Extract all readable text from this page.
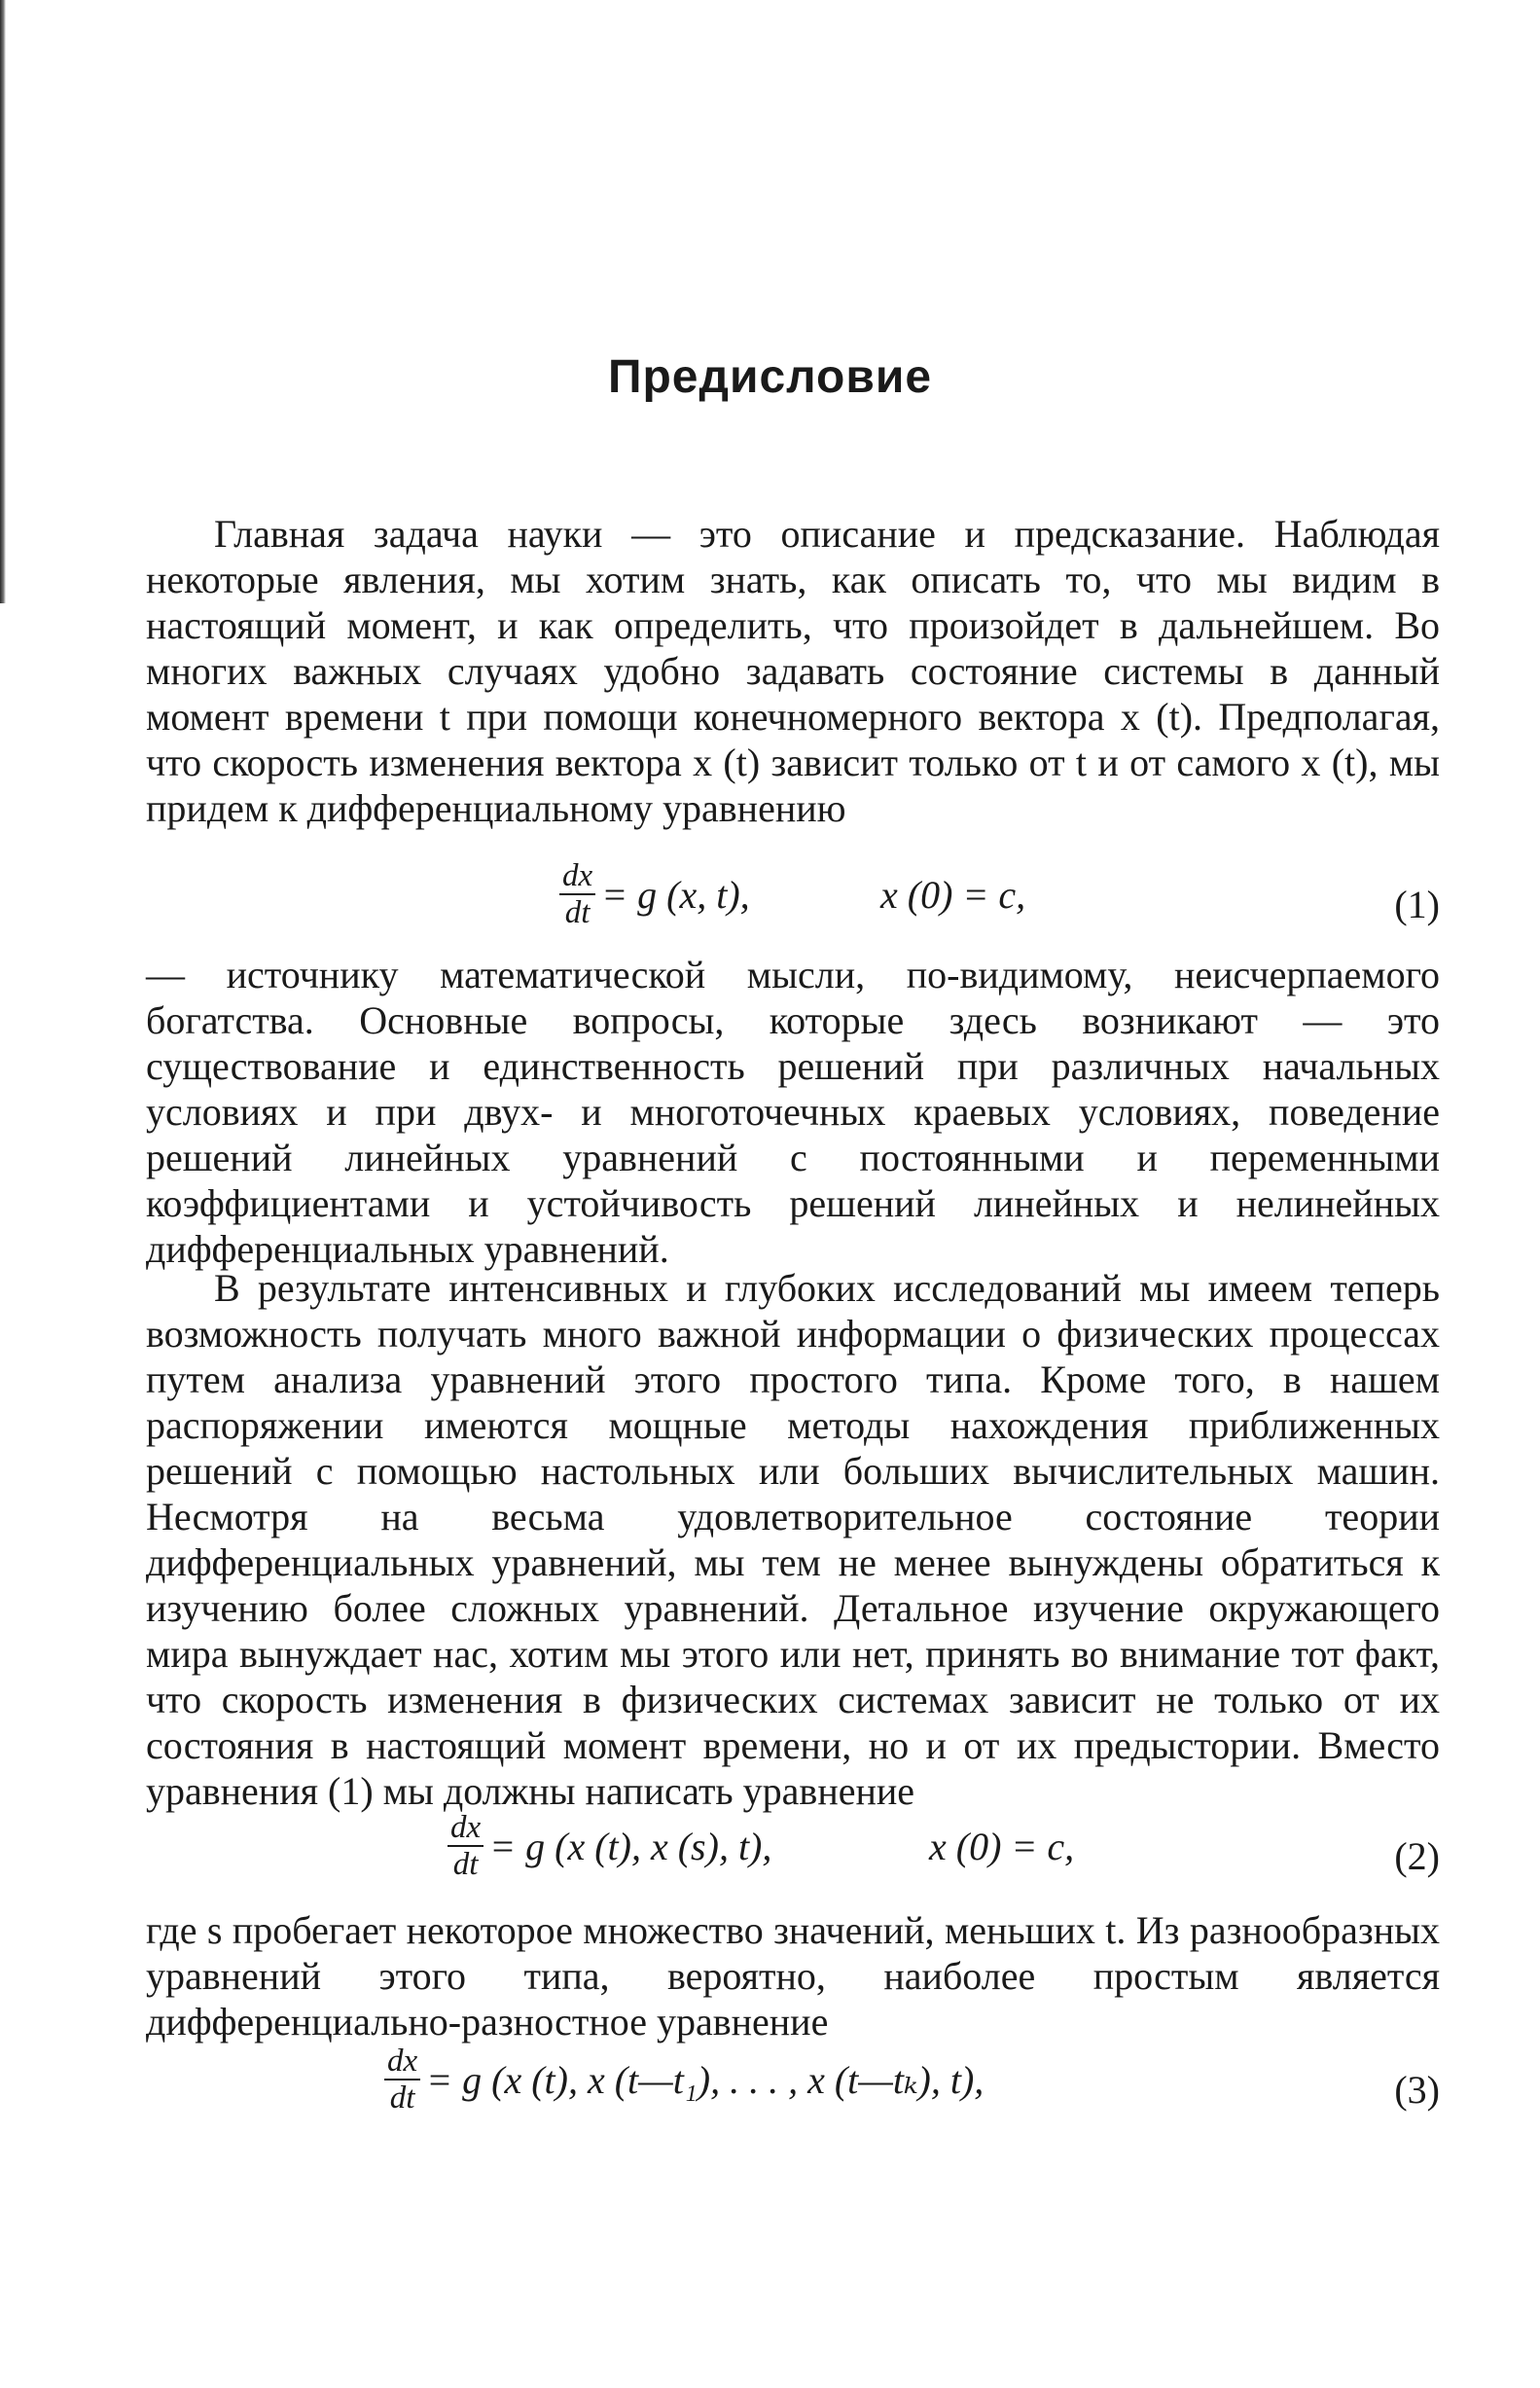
Предисловие

Главная задача науки — это описание и предсказание. Наблюдая некоторые явления, мы хотим знать, как описать то, что мы видим в настоящий момент, и как определить, что произойдет в дальнейшем. Во многих важных случаях удобно задавать состояние системы в данный момент времени t при помощи конечномерного вектора x (t). Предполагая, что скорость изменения вектора x (t) зависит только от t и от самого x (t), мы придем к дифференциальному уравнению

$\frac{dx}{dt} = g$ (x, t),	x (0) = c,	(1)

— источнику математической мысли, по-видимому, неисчерпаемого богатства. Основные вопросы, которые здесь возникают — это существование и единственность решений при различных начальных условиях и при двух- и многоточечных краевых условиях, поведение решений линейных уравнений с постоянными и переменными коэффициентами и устойчивость решений линейных и нелинейных дифференциальных уравнений.

В результате интенсивных и глубоких исследований мы имеем теперь возможность получать много важной информации о физических процессах путем анализа уравнений этого простого типа. Кроме того, в нашем распоряжении имеются мощные методы нахождения приближенных решений с помощью настольных или больших вычислительных машин. Несмотря на весьма удовлетворительное состояние теории дифференциальных уравнений, мы тем не менее вынуждены обратиться к изучению более сложных уравнений. Детальное изучение окружающего мира вынуждает нас, хотим мы этого или нет, принять во внимание тот факт, что скорость изменения в физических системах зависит не только от их состояния в настоящий момент времени, но и от их предыстории. Вместо уравнения (1) мы должны написать уравнение

$\frac{dx}{dt} = g$ (x (t), x (s), t),	x (0) = c,	(2)

где s пробегает некоторое множество значений, меньших t. Из разнообразных уравнений этого типа, вероятно, наиболее простым является дифференциально-разностное уравнение

$\frac{dx}{dt} = g$ (x (t), x (t—t₁), . . . , x (t—tₖ), t),	(3)
